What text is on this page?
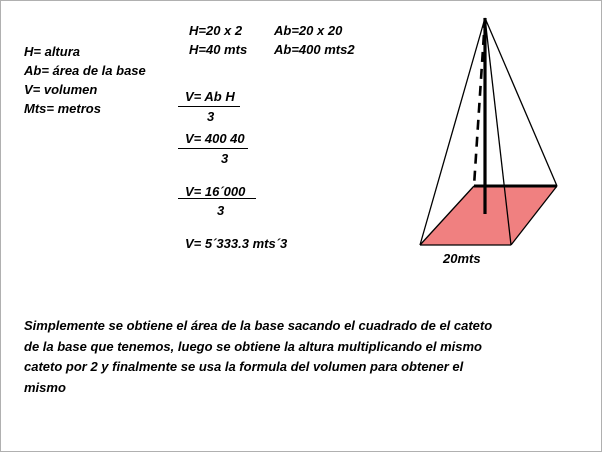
H= altura
Ab= área de la base
V= volumen
Mts= metros
H=20 x 2
H=40 mts
Ab=20 x 20
Ab=400 mts2
V= Ab H
3
V= 400 40
3
V= 16´000
3
V= 5´333.3 mts´3
20mts
Simplemente se obtiene el área de la base sacando el cuadrado de el cateto de la base que tenemos, luego se obtiene la altura multiplicando el mismo cateto por 2 y finalmente se usa la formula del volumen para obtener el mismo
